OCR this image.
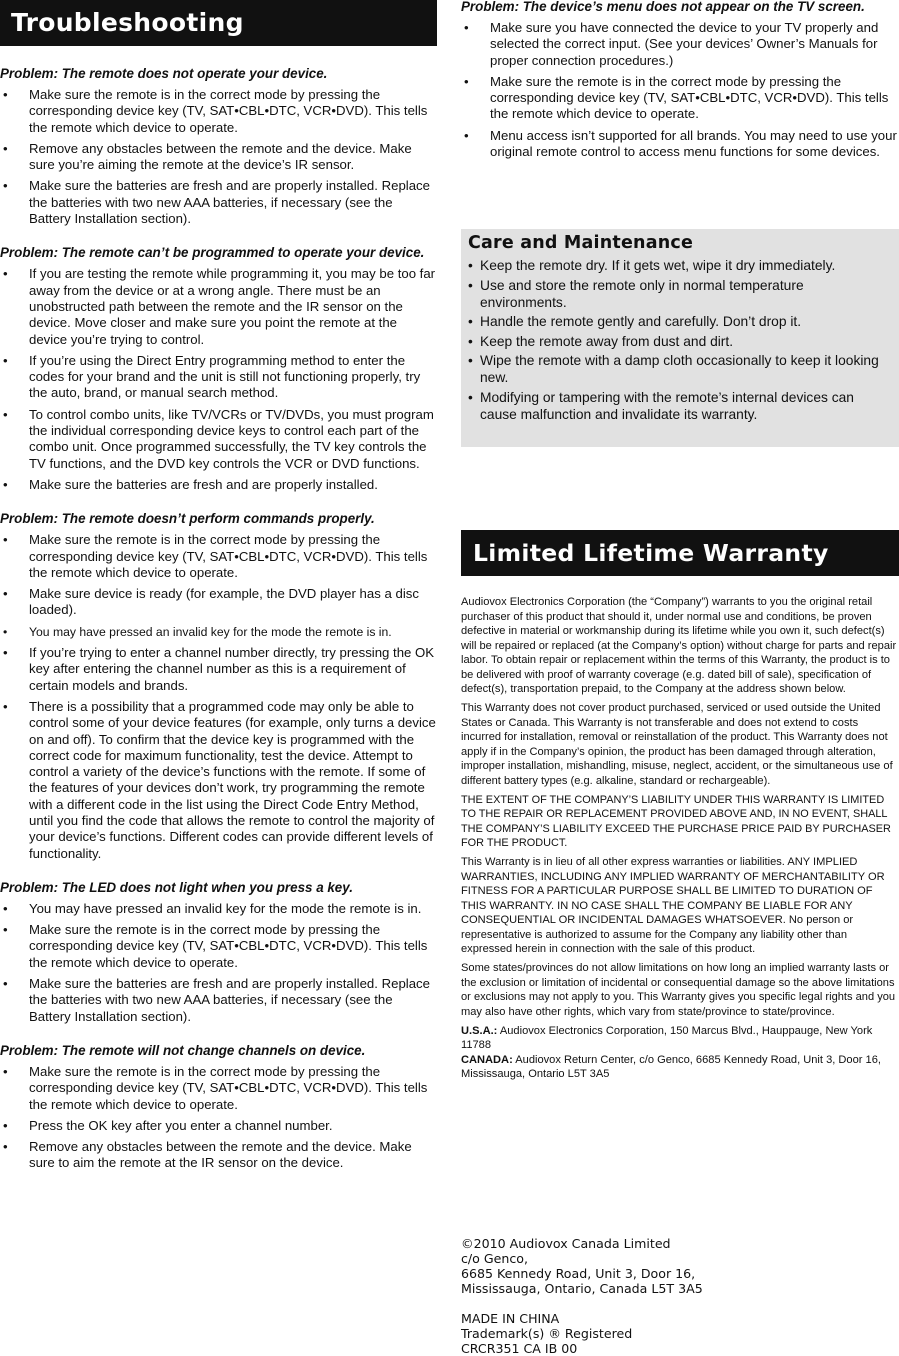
Troubleshooting

Problem: The remote does not operate your device.

• Make sure the remote is in the correct mode by pressing the corresponding device key (TV, SAT•CBL•DTC, VCR•DVD). This tells the remote which device to operate.
• Remove any obstacles between the remote and the device. Make sure you’re aiming the remote at the device’s IR sensor.
• Make sure the batteries are fresh and are properly installed. Replace the batteries with two new AAA batteries, if necessary (see the Battery Installation section).

Problem: The remote can’t be programmed to operate your device.

• If you are testing the remote while programming it, you may be too far away from the device or at a wrong angle. There must be an unobstructed path between the remote and the IR sensor on the device. Move closer and make sure you point the remote at the device you’re trying to control.
• If you’re using the Direct Entry programming method to enter the codes for your brand and the unit is still not functioning properly, try the auto, brand, or manual search method.
• To control combo units, like TV/VCRs or TV/DVDs, you must program the individual corresponding device keys to control each part of the combo unit. Once programmed successfully, the TV key controls the TV functions, and the DVD key controls the VCR or DVD functions.
• Make sure the batteries are fresh and are properly installed.

Problem: The remote doesn’t perform commands properly.

• Make sure the remote is in the correct mode by pressing the corresponding device key (TV, SAT•CBL•DTC, VCR•DVD). This tells the remote which device to operate.
• Make sure device is ready (for example, the DVD player has a disc loaded).
• You may have pressed an invalid key for the mode the remote is in.
• If you’re trying to enter a channel number directly, try pressing the OK key after entering the channel number as this is a requirement of certain models and brands.
• There is a possibility that a programmed code may only be able to control some of your device features (for example, only turns a device on and off). To confirm that the device key is programmed with the correct code for maximum functionality, test the device. Attempt to control a variety of the device’s functions with the remote. If some of the features of your devices don’t work, try programming the remote with a different code in the list using the Direct Code Entry Method, until you find the code that allows the remote to control the majority of your device’s functions. Different codes can provide different levels of functionality.

Problem: The LED does not light when you press a key.

• You may have pressed an invalid key for the mode the remote is in.
• Make sure the remote is in the correct mode by pressing the corresponding device key (TV, SAT•CBL•DTC, VCR•DVD). This tells the remote which device to operate.
• Make sure the batteries are fresh and are properly installed. Replace the batteries with two new AAA batteries, if necessary (see the Battery Installation section).

Problem: The remote will not change channels on device.

• Make sure the remote is in the correct mode by pressing the corresponding device key (TV, SAT•CBL•DTC, VCR•DVD). This tells the remote which device to operate.
• Press the OK key after you enter a channel number.
• Remove any obstacles between the remote and the device. Make sure to aim the remote at the IR sensor on the device.

Problem: The device’s menu does not appear on the TV screen.

• Make sure you have connected the device to your TV properly and selected the correct input. (See your devices’ Owner’s Manuals for proper connection procedures.)
• Make sure the remote is in the correct mode by pressing the corresponding device key (TV, SAT•CBL•DTC, VCR•DVD). This tells the remote which device to operate.
• Menu access isn’t supported for all brands. You may need to use your original remote control to access menu functions for some devices.
Care and Maintenance
• Keep the remote dry. If it gets wet, wipe it dry immediately.
• Use and store the remote only in normal temperature environments.
• Handle the remote gently and carefully. Don’t drop it.
• Keep the remote away from dust and dirt.
• Wipe the remote with a damp cloth occasionally to keep it looking new.
• Modifying or tampering with the remote’s internal devices can cause malfunction and invalidate its warranty.
Limited Lifetime Warranty

Audiovox Electronics Corporation (the “Company”) warrants to you the original retail purchaser of this product that should it, under normal use and conditions, be proven defective in material or workmanship during its lifetime while you own it, such defect(s) will be repaired or replaced (at the Company’s option) without charge for parts and repair labor. To obtain repair or replacement within the terms of this Warranty, the product is to be delivered with proof of warranty coverage (e.g. dated bill of sale), specification of defect(s), transportation prepaid, to the Company at the address shown below.

This Warranty does not cover product purchased, serviced or used outside the United States or Canada. This Warranty is not transferable and does not extend to costs incurred for installation, removal or reinstallation of the product. This Warranty does not apply if in the Company’s opinion, the product has been damaged through alteration, improper installation, mishandling, misuse, neglect, accident, or the simultaneous use of different battery types (e.g. alkaline, standard or rechargeable).

THE EXTENT OF THE COMPANY’S LIABILITY UNDER THIS WARRANTY IS LIMITED TO THE REPAIR OR REPLACEMENT PROVIDED ABOVE AND, IN NO EVENT, SHALL THE COMPANY’S LIABILITY EXCEED THE PURCHASE PRICE PAID BY PURCHASER FOR THE PRODUCT.

This Warranty is in lieu of all other express warranties or liabilities. ANY IMPLIED WARRANTIES, INCLUDING ANY IMPLIED WARRANTY OF MERCHANTABILITY OR FITNESS FOR A PARTICULAR PURPOSE SHALL BE LIMITED TO DURATION OF THIS WARRANTY. IN NO CASE SHALL THE COMPANY BE LIABLE FOR ANY CONSEQUENTIAL OR INCIDENTAL DAMAGES WHATSOEVER. No person or representative is authorized to assume for the Company any liability other than expressed herein in connection with the sale of this product.

Some states/provinces do not allow limitations on how long an implied warranty lasts or the exclusion or limitation of incidental or consequential damage so the above limitations or exclusions may not apply to you. This Warranty gives you specific legal rights and you may also have other rights, which vary from state/province to state/province.

U.S.A.: Audiovox Electronics Corporation, 150 Marcus Blvd., Hauppauge, New York 11788

CANADA: Audiovox Return Center, c/o Genco, 6685 Kennedy Road, Unit 3, Door 16, Mississauga, Ontario L5T 3A5

©2010 Audiovox Canada Limited
c/o Genco,
6685 Kennedy Road, Unit 3, Door 16,
Mississauga, Ontario, Canada L5T 3A5
MADE IN CHINA
Trademark(s) ® Registered
CRCR351 CA IB 00
